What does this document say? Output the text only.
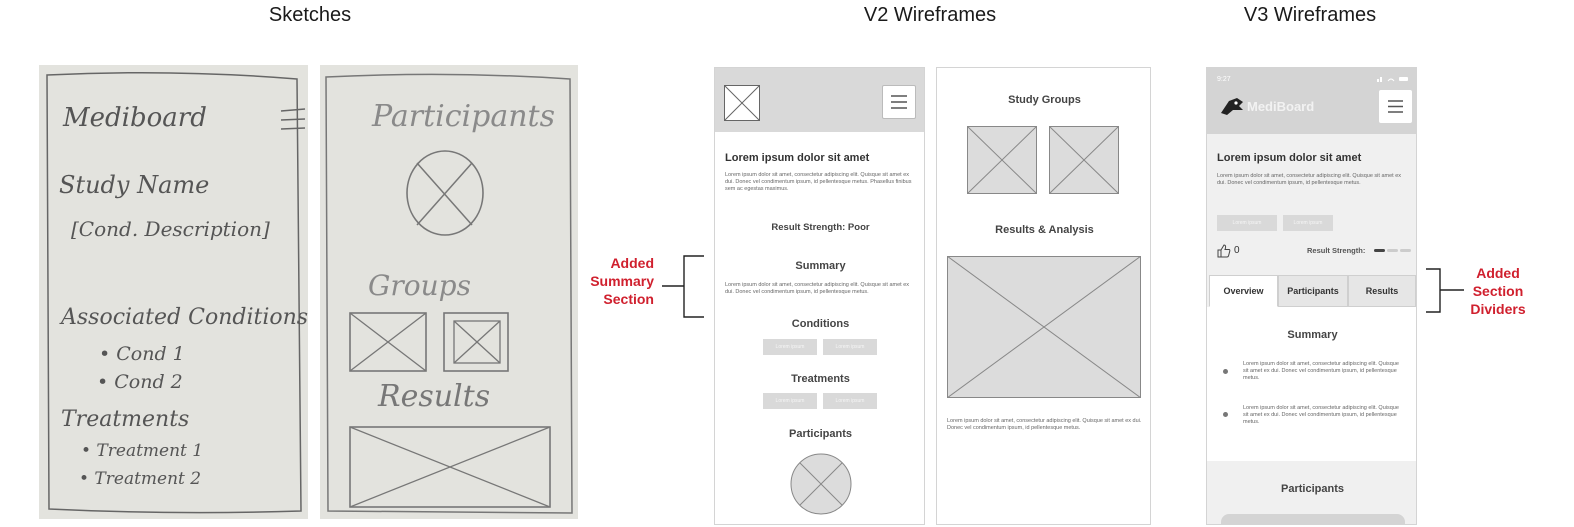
Sketches	V2 Wireframes	V3 Wireframes
Mediboard
Study Name
[Cond. Description]
Associated Conditions
• Cond 1
• Cond 2
Treatments
• Treatment 1
• Treatment 2
Participants
Groups
Results
Added
Summary
Section
Lorem ipsum dolor sit amet
Lorem ipsum dolor sit amet, consectetur adipiscing elit. Quisque sit amet ex dui. Donec vel condimentum ipsum, id pellentesque metus. Phasellus finibus sem ac egestas maximus.
Result Strength: Poor
Summary
Lorem ipsum dolor sit amet, consectetur adipiscing elit. Quisque sit amet ex dui. Donec vel condimentum ipsum, id pellentesque metus.
Conditions
Lorem ipsum	Lorem ipsum
Treatments
Lorem ipsum	Lorem ipsum
Participants
Study Groups
Results & Analysis
Lorem ipsum dolor sit amet, consectetur adipiscing elit. Quisque sit amet ex dui. Donec vel condimentum ipsum, id pellentesque metus.
9:27
MediBoard
Lorem ipsum dolor sit amet
Lorem ipsum dolor sit amet, consectetur adipiscing elit. Quisque sit amet ex dui. Donec vel condimentum ipsum, id pellentesque metus.
Lorem ipsum	Lorem ipsum
0	Result Strength:
Overview	Participants	Results
Summary
Lorem ipsum dolor sit amet, consectetur adipiscing elit. Quisque sit amet ex dui. Donec vel condimentum ipsum, id pellentesque metus.
Lorem ipsum dolor sit amet, consectetur adipiscing elit. Quisque sit amet ex dui. Donec vel condimentum ipsum, id pellentesque metus.
Participants
Added
Section
Dividers
